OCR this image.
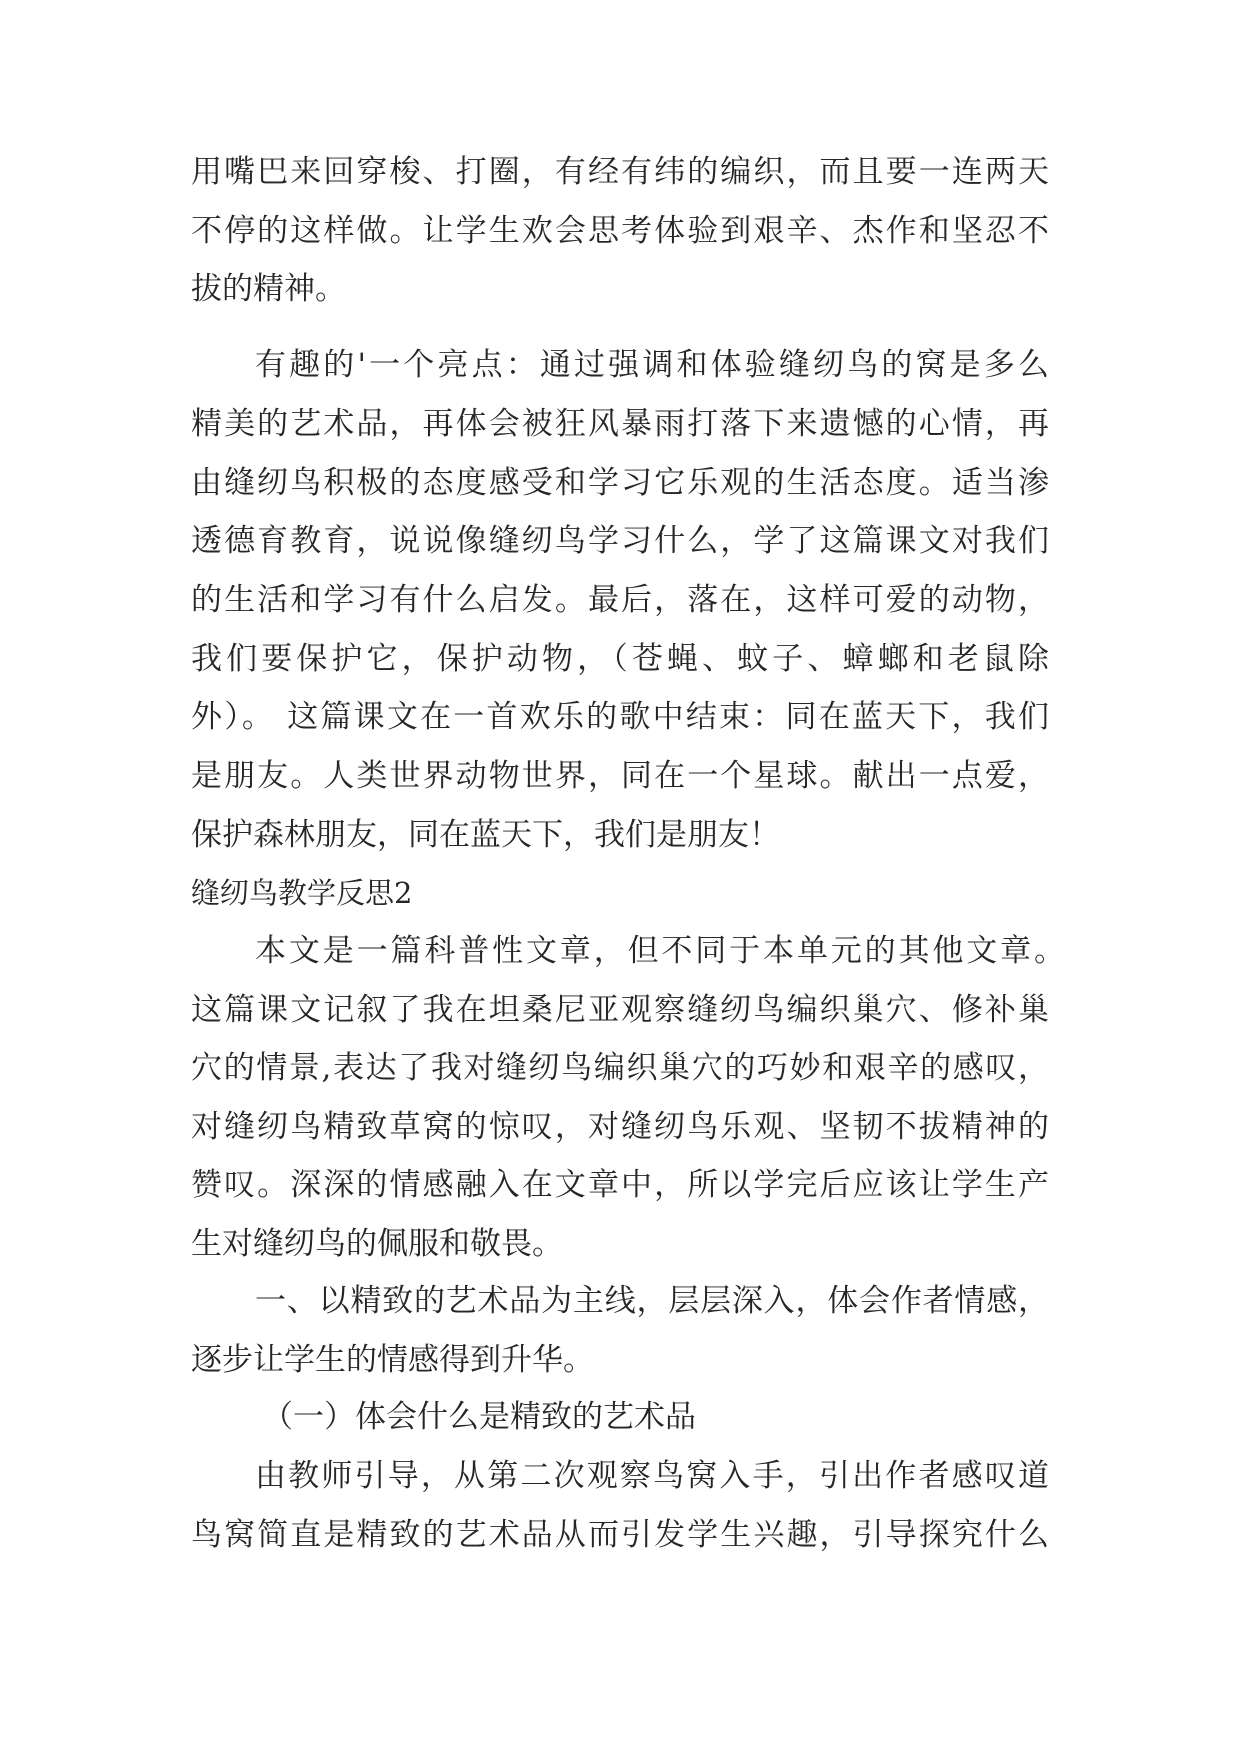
用嘴巴来回穿梭、打圈，有经有纬的编织，而且要一连两天
不停的这样做。让学生欢会思考体验到艰辛、杰作和坚忍不
拔的精神。
有趣的'一个亮点：通过强调和体验缝纫鸟的窝是多么
精美的艺术品，再体会被狂风暴雨打落下来遗憾的心情，再
由缝纫鸟积极的态度感受和学习它乐观的生活态度。适当渗
透德育教育，说说像缝纫鸟学习什么，学了这篇课文对我们
的生活和学习有什么启发。最后，落在，这样可爱的动物，
我们要保护它，保护动物，（苍蝇、蚊子、蟑螂和老鼠除
外）。 这篇课文在一首欢乐的歌中结束：同在蓝天下，我们
是朋友。人类世界动物世界，同在一个星球。献出一点爱，
保护森林朋友，同在蓝天下，我们是朋友！
缝纫鸟教学反思2
本文是一篇科普性文章，但不同于本单元的其他文章。
这篇课文记叙了我在坦桑尼亚观察缝纫鸟编织巢穴、修补巢
穴的情景,表达了我对缝纫鸟编织巢穴的巧妙和艰辛的感叹，
对缝纫鸟精致草窝的惊叹，对缝纫鸟乐观、坚韧不拔精神的
赞叹。深深的情感融入在文章中，所以学完后应该让学生产
生对缝纫鸟的佩服和敬畏。
一、以精致的艺术品为主线，层层深入，体会作者情感，
逐步让学生的情感得到升华。
（一）体会什么是精致的艺术品
由教师引导，从第二次观察鸟窝入手，引出作者感叹道
鸟窝简直是精致的艺术品从而引发学生兴趣，引导探究什么
